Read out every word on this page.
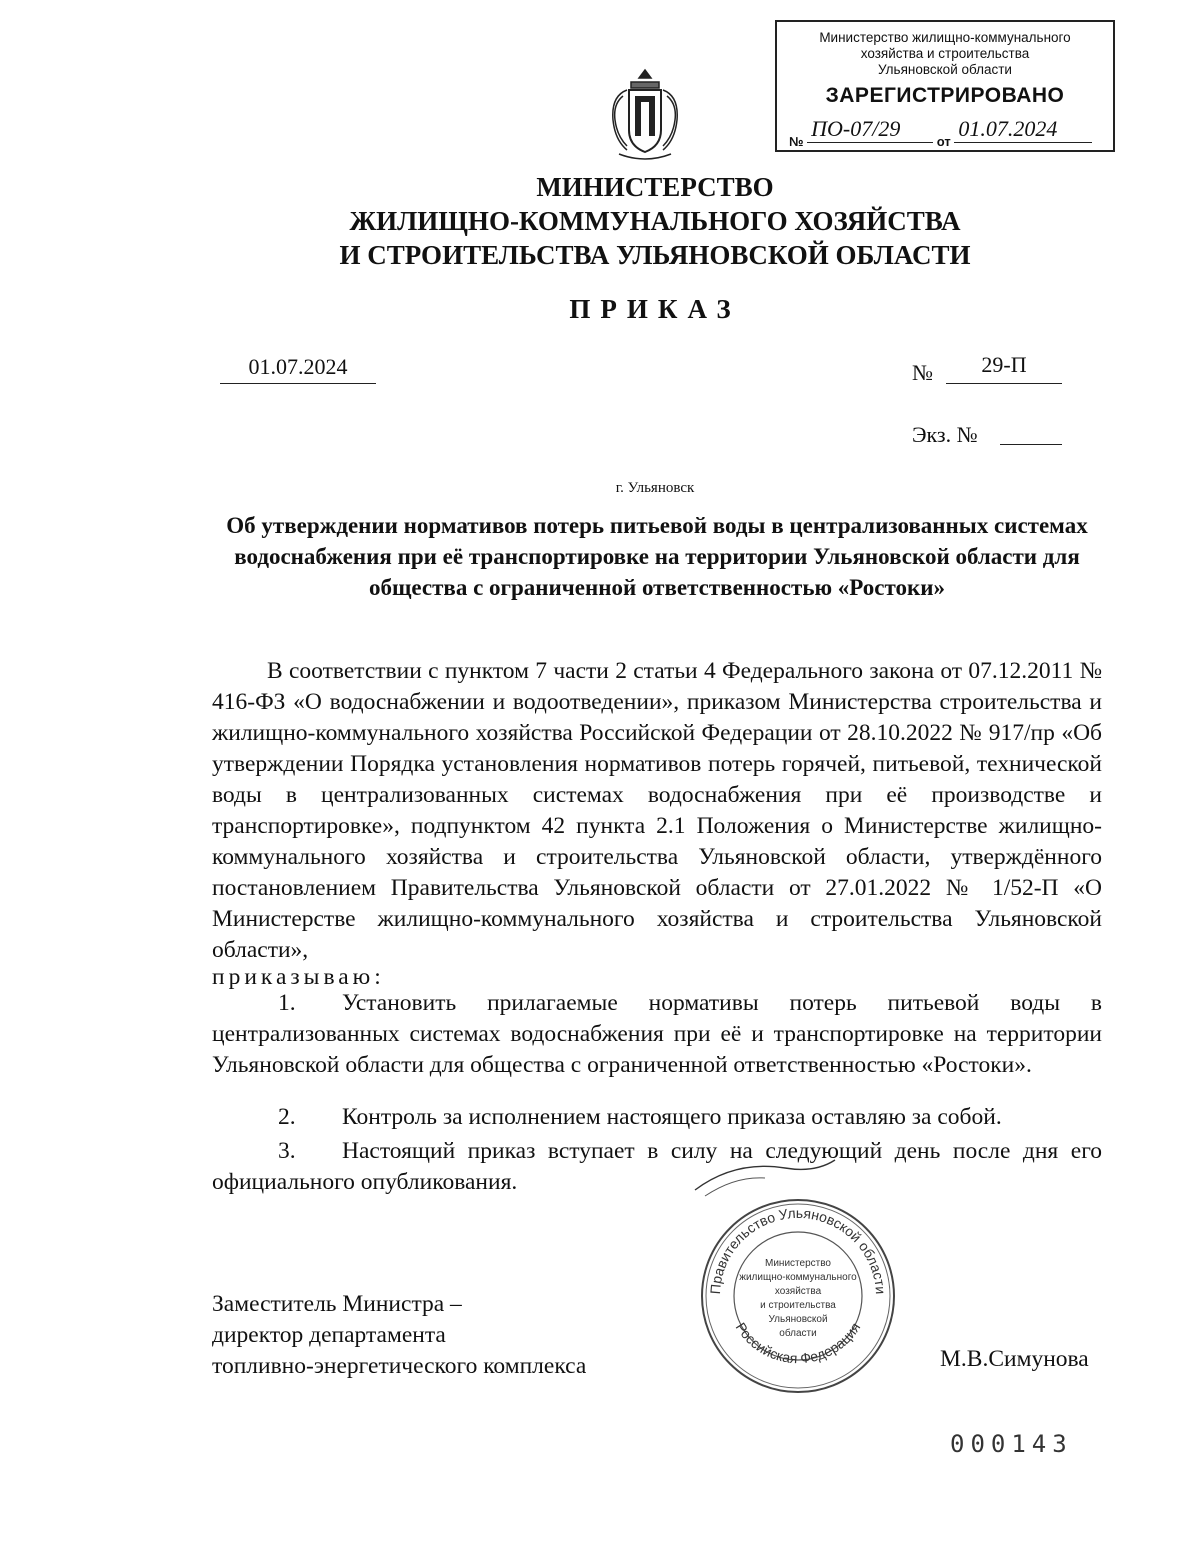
Министерство жилищно-коммунального
хозяйства и строительства
Ульяновской области
ЗАРЕГИСТРИРОВАНО
№ ПО-07/29 от 01.07.2024
МИНИСТЕРСТВО
ЖИЛИЩНО-КОММУНАЛЬНОГО ХОЗЯЙСТВА
И СТРОИТЕЛЬСТВА УЛЬЯНОВСКОЙ ОБЛАСТИ
ПРИКАЗ
01.07.2024	№	29-П
Экз. №
г. Ульяновск
Об утверждении нормативов потерь питьевой воды в централизованных системах водоснабжения при её транспортировке на территории Ульяновской области для общества с ограниченной ответственностью «Ростоки»

В соответствии с пунктом 7 части 2 статьи 4 Федерального закона от 07.12.2011 № 416-ФЗ «О водоснабжении и водоотведении», приказом Министерства строительства и жилищно-коммунального хозяйства Российской Федерации от 28.10.2022 № 917/пр «Об утверждении Порядка установления нормативов потерь горячей, питьевой, технической воды в централизованных системах водоснабжения при её производстве и транспортировке», подпунктом 42 пункта 2.1 Положения о Министерстве жилищно-коммунального хозяйства и строительства Ульяновской области, утверждённого постановлением Правительства Ульяновской области от 27.01.2022 № 1/52-П «О Министерстве жилищно-коммунального хозяйства и строительства Ульяновской области»,

приказываю:

1.	Установить прилагаемые нормативы потерь питьевой воды в централизованных системах водоснабжения при её и транспортировке на территории Ульяновской области для общества с ограниченной ответственностью «Ростоки».
2.	Контроль за исполнением настоящего приказа оставляю за собой.
3.	Настоящий приказ вступает в силу на следующий день после дня его официального опубликования.
Правительство Ульяновской области
Российская Федерация
Министерство
жилищно-коммунального
хозяйства
и строительства
Ульяновской
области
Заместитель Министра –
директор департамента
топливно-энергетического комплекса	М.В.Симунова
000143
